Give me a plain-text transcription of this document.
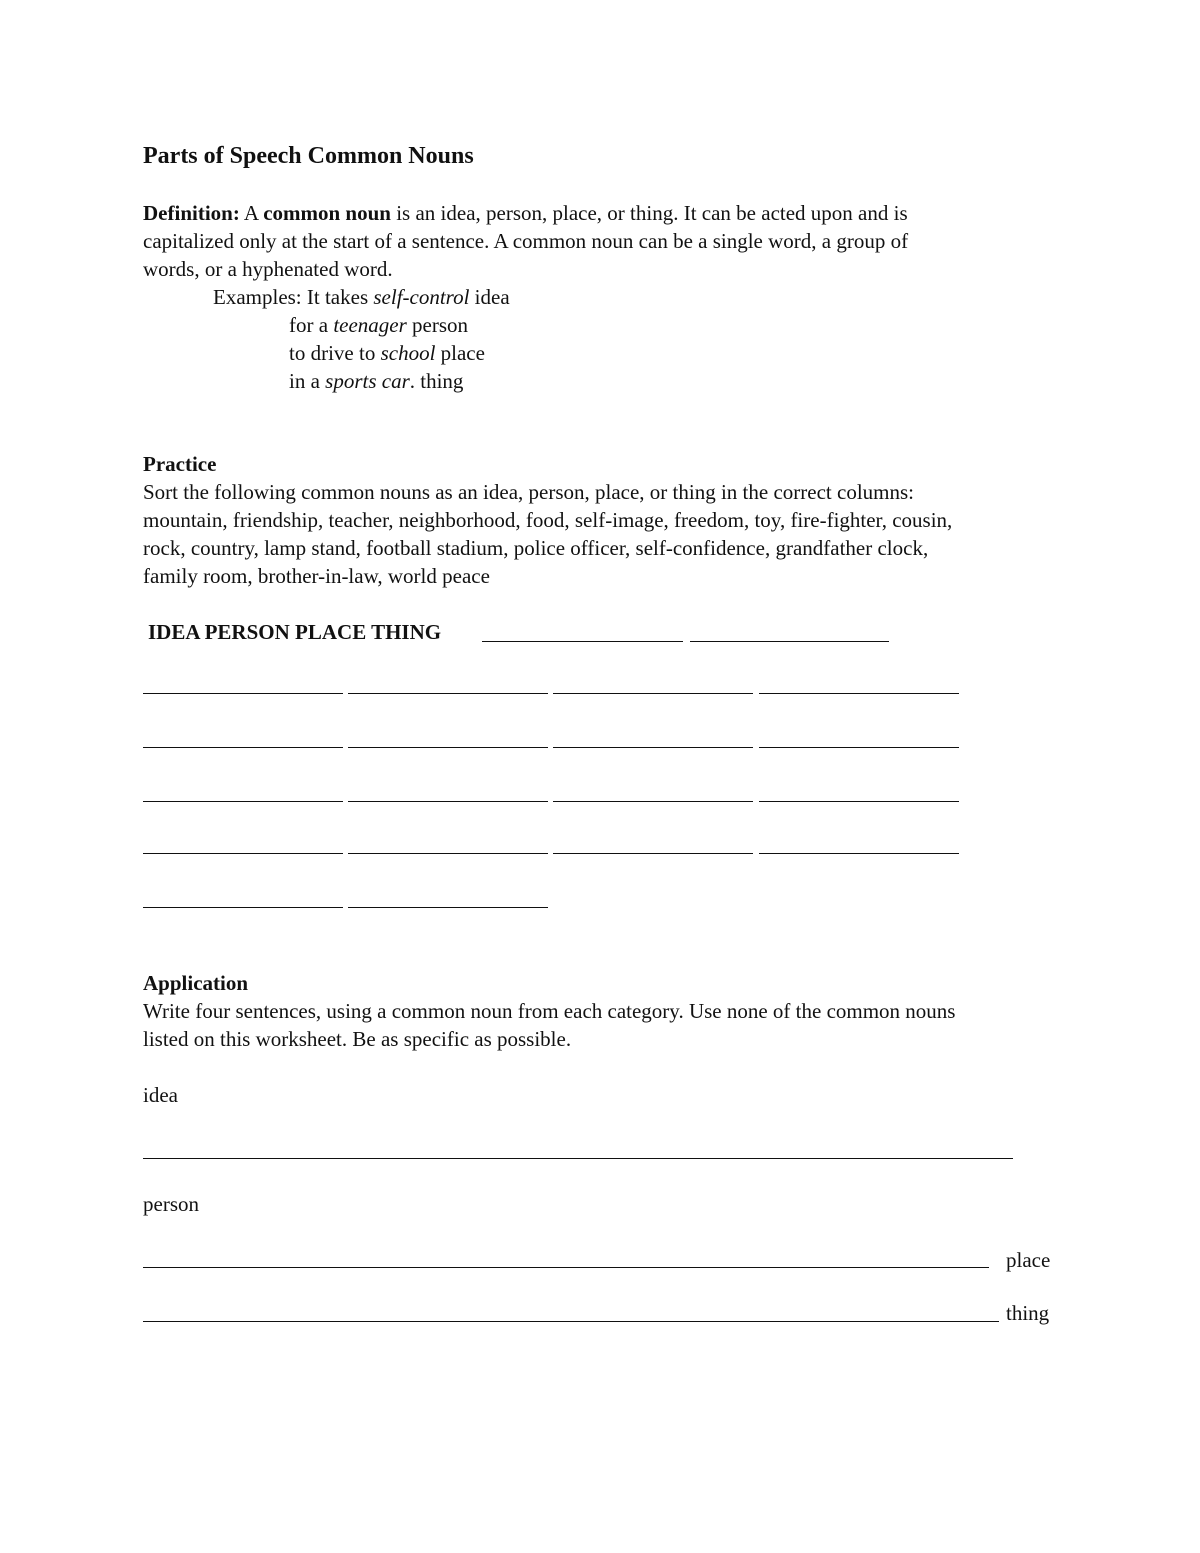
Parts of Speech Common Nouns
Definition: A common noun is an idea, person, place, or thing. It can be acted upon and is
capitalized only at the start of a sentence. A common noun can be a single word, a group of
words, or a hyphenated word.
Examples: It takes self-control idea
for a teenager person
to drive to school place
in a sports car. thing
Practice
Sort the following common nouns as an idea, person, place, or thing in the correct columns:
mountain, friendship, teacher, neighborhood, food, self-image, freedom, toy, fire-fighter, cousin,
rock, country, lamp stand, football stadium, police officer, self-confidence, grandfather clock,
family room, brother-in-law, world peace
IDEA PERSON PLACE THING
Application
Write four sentences, using a common noun from each category. Use none of the common nouns
listed on this worksheet. Be as specific as possible.
idea
person
place
thing
